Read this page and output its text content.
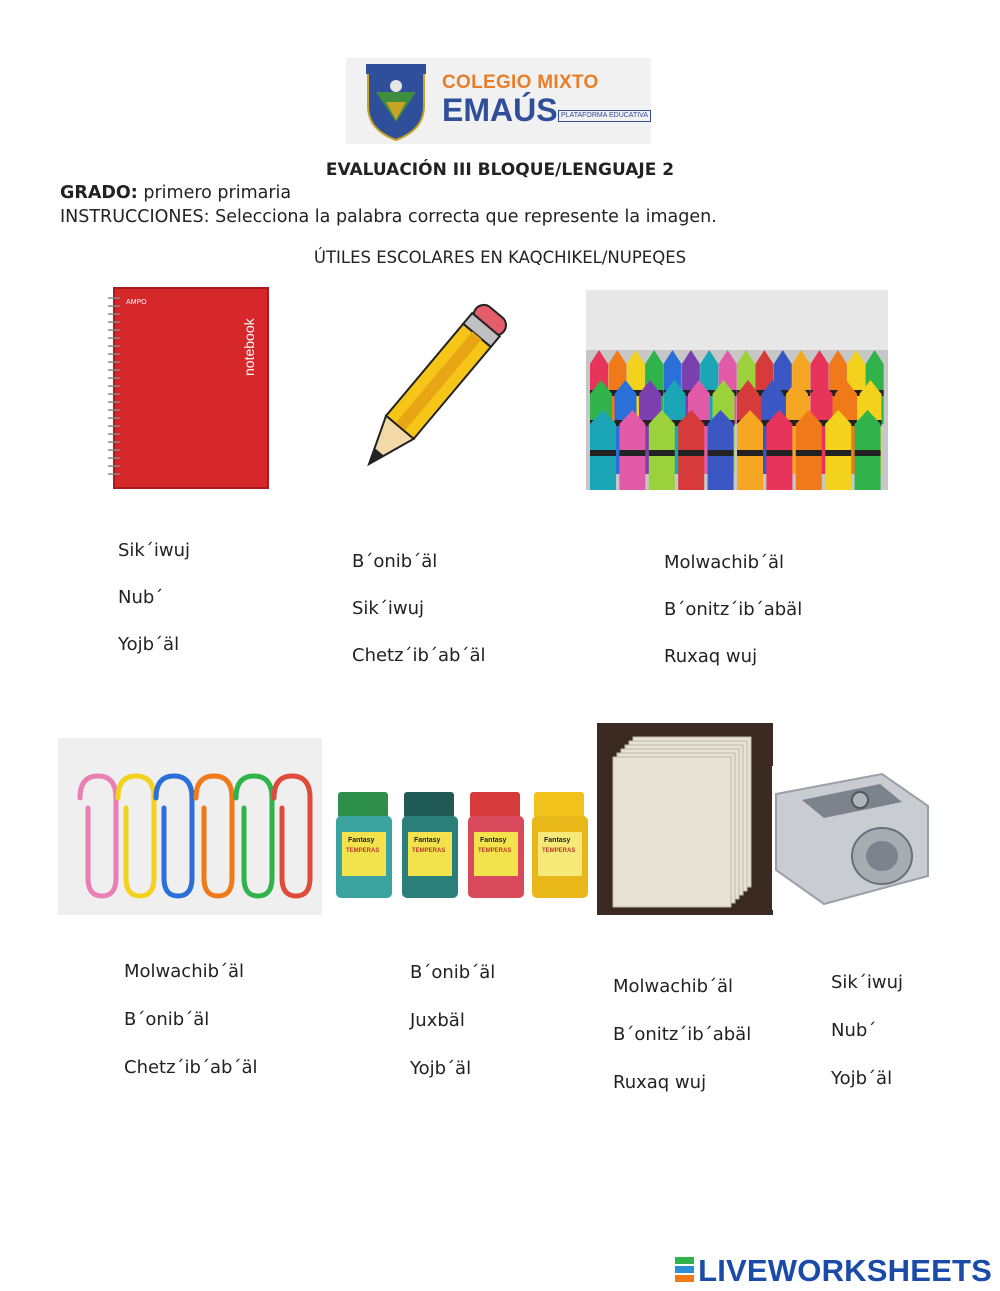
COLEGIO MIXTO
EMAÚS PLATAFORMA EDUCATIVA
EVALUACIÓN III BLOQUE/LENGUAJE 2
GRADO: primero primaria
INSTRUCCIONES: Selecciona la palabra correcta que represente la imagen.
ÚTILES ESCOLARES EN KAQCHIKEL/NUPEQES
AMPO
notebook
Fantasy	Fantasy	Fantasy	Fantasy
TEMPERAS	TEMPERAS	TEMPERAS	TEMPERAS
Sik´iwuj
Nub´
Yojb´äl
B´onib´äl
Sik´iwuj
Chetz´ib´ab´äl
Molwachib´äl
B´onitz´ib´abäl
Ruxaq wuj
Molwachib´äl
B´onib´äl
Chetz´ib´ab´äl
B´onib´äl
Juxbäl
Yojb´äl
Molwachib´äl
B´onitz´ib´abäl
Ruxaq wuj
Sik´iwuj
Nub´
Yojb´äl
LIVEWORKSHEETS
